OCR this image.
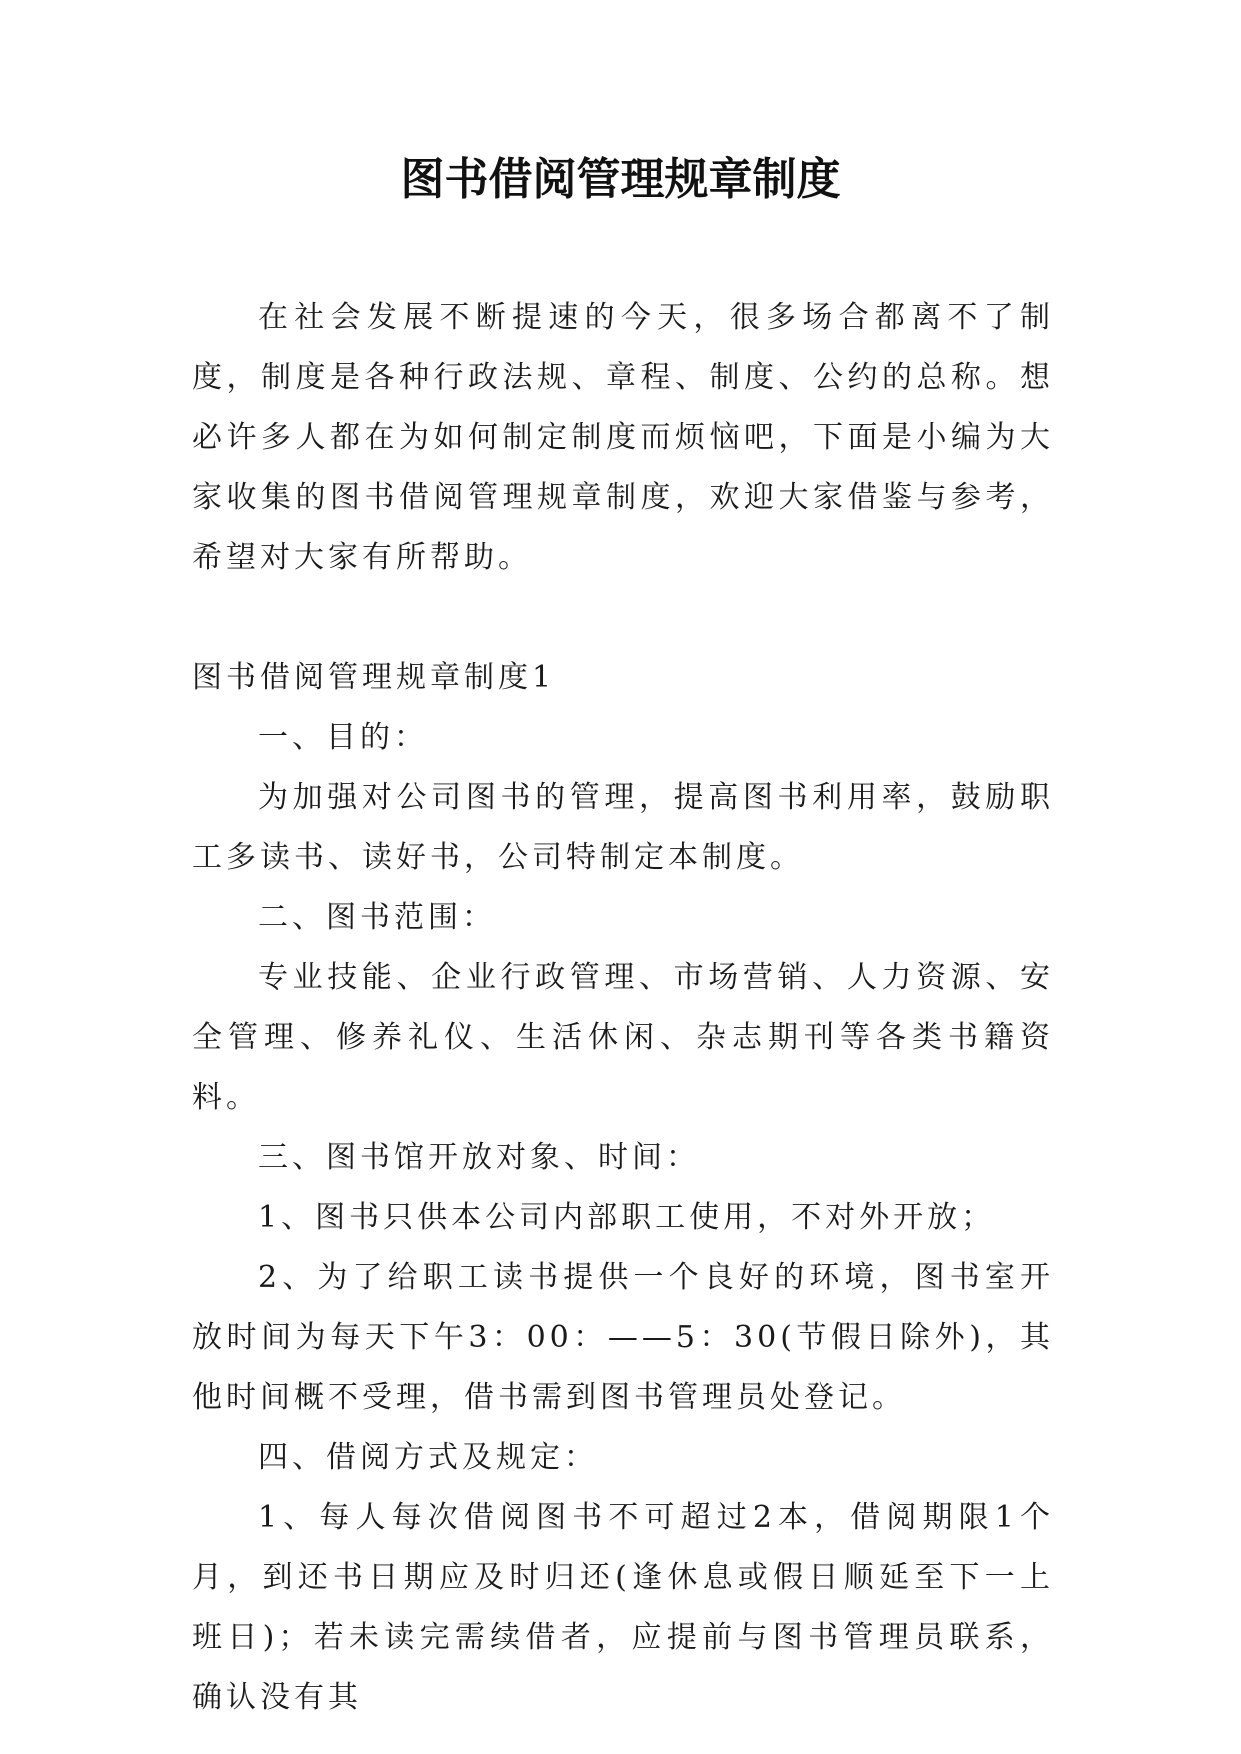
图书借阅管理规章制度

在社会发展不断提速的今天，很多场合都离不了制度，制度是各种行政法规、章程、制度、公约的总称。想必许多人都在为如何制定制度而烦恼吧，下面是小编为大家收集的图书借阅管理规章制度，欢迎大家借鉴与参考，希望对大家有所帮助。

图书借阅管理规章制度1

一、目的：

为加强对公司图书的管理，提高图书利用率，鼓励职工多读书、读好书，公司特制定本制度。

二、图书范围：

专业技能、企业行政管理、市场营销、人力资源、安全管理、修养礼仪、生活休闲、杂志期刊等各类书籍资料。

三、图书馆开放对象、时间：

1、图书只供本公司内部职工使用，不对外开放；

2、为了给职工读书提供一个良好的环境，图书室开放时间为每天下午3：00：——5：30(节假日除外)，其他时间概不受理，借书需到图书管理员处登记。

四、借阅方式及规定：

1、每人每次借阅图书不可超过2本，借阅期限1个月，到还书日期应及时归还(逢休息或假日顺延至下一上班日)；若未读完需续借者，应提前与图书管理员联系，确认没有其
